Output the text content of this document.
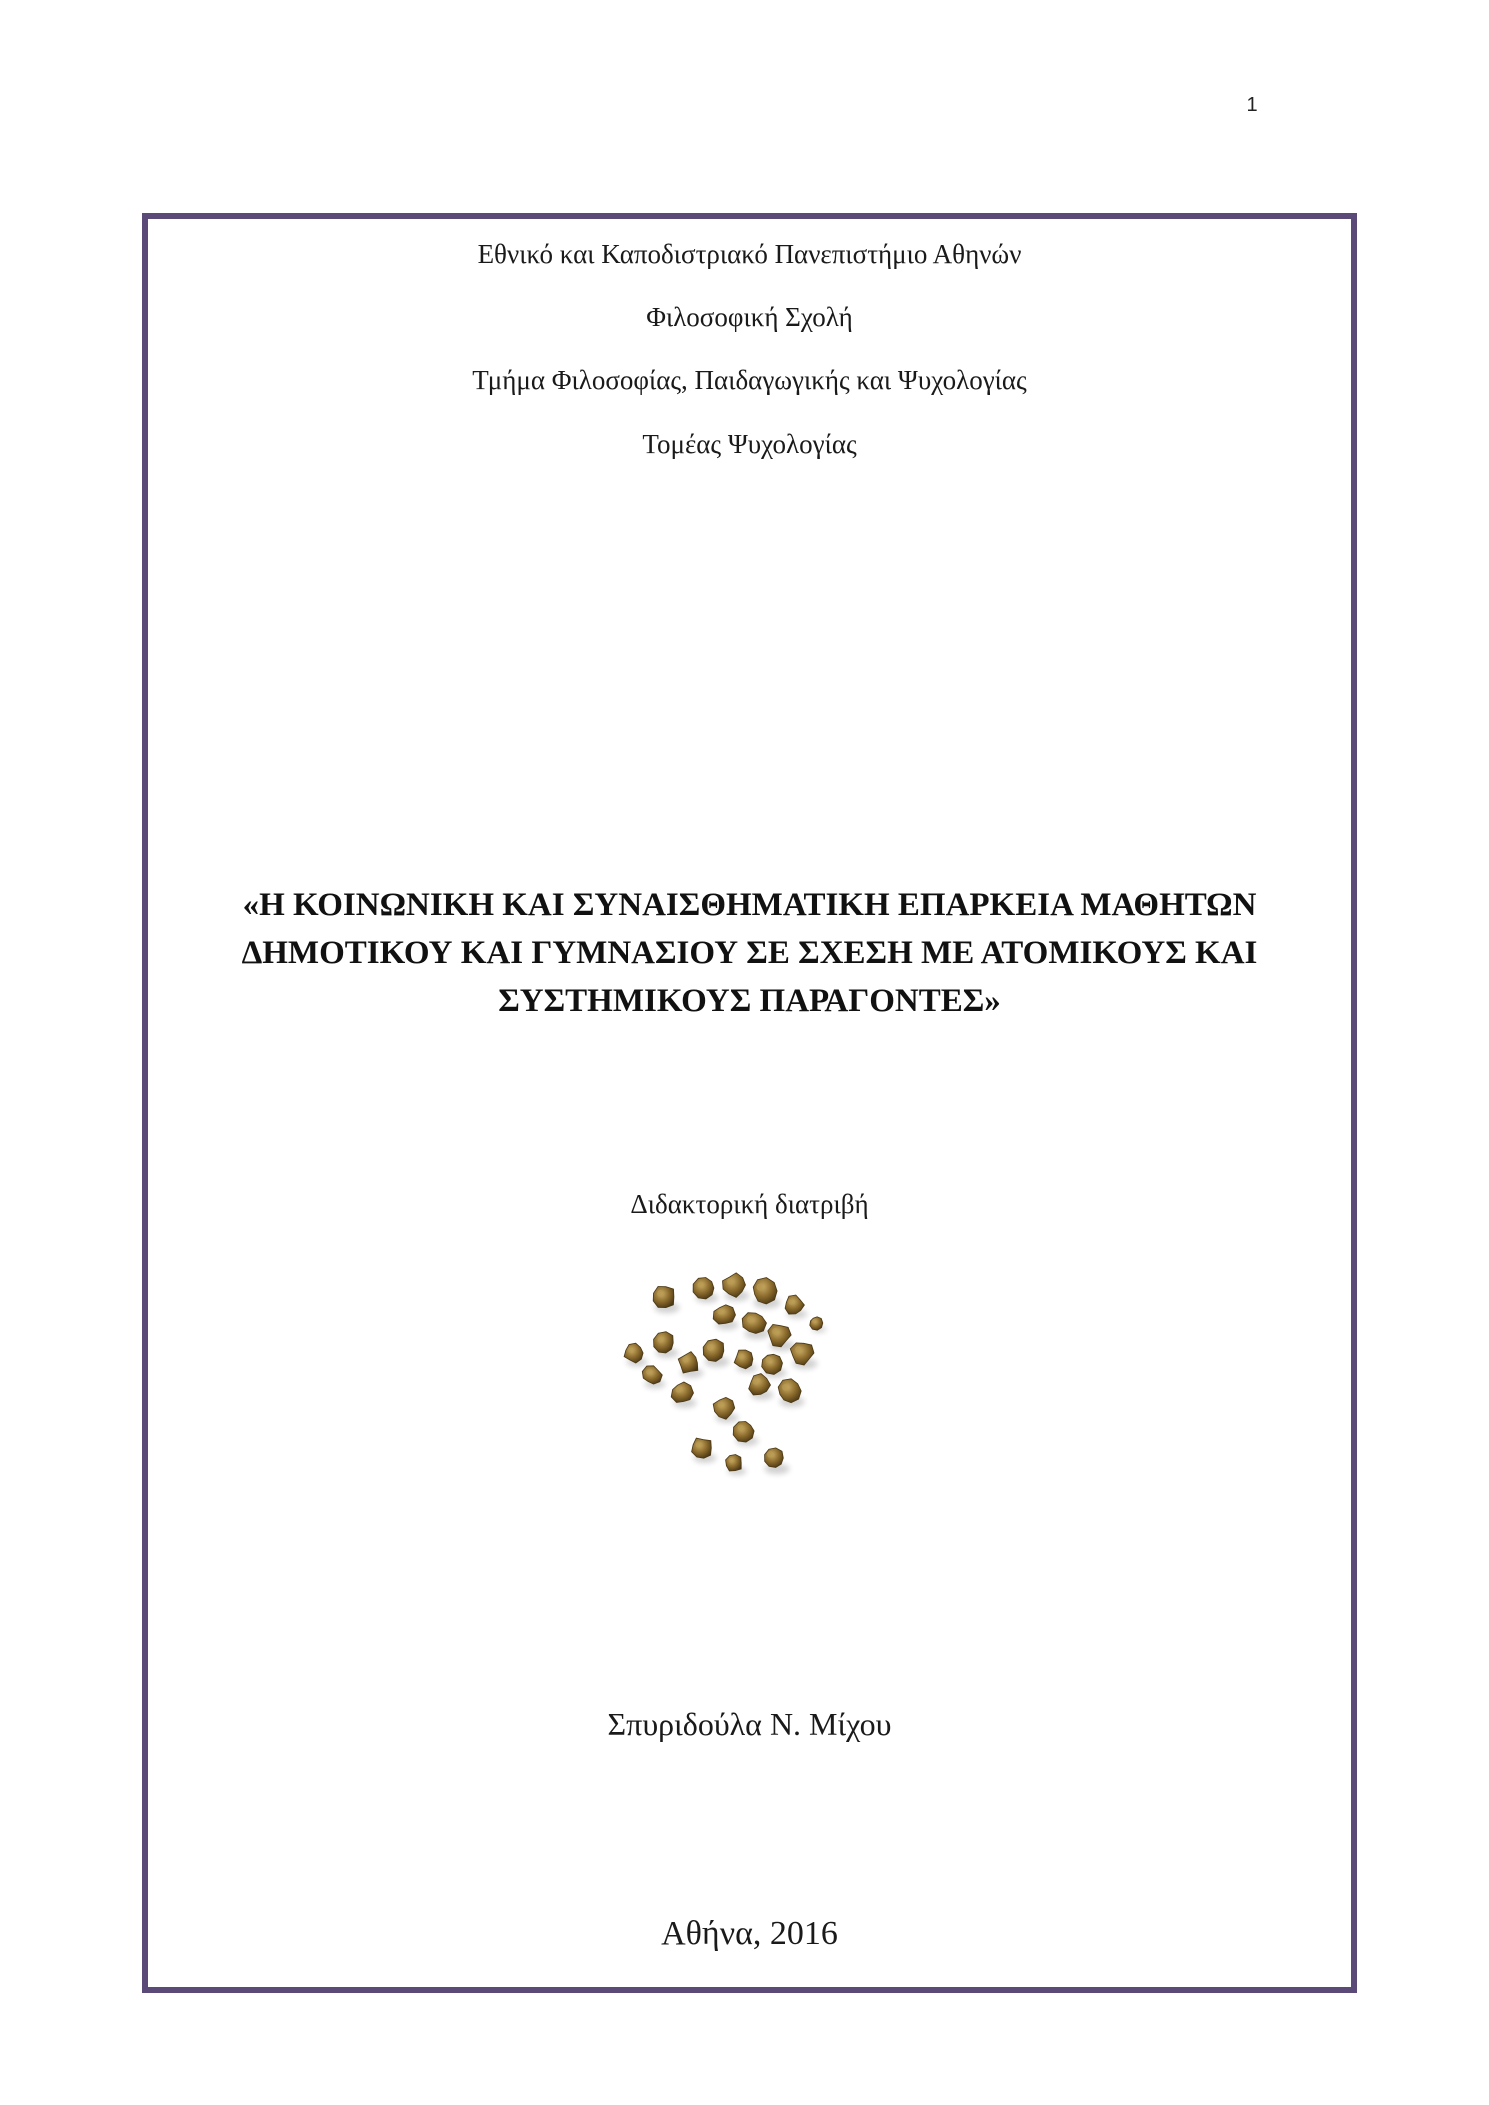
1
Εθνικό και Καποδιστριακό Πανεπιστήμιο Αθηνών
Φιλοσοφική Σχολή
Τμήμα Φιλοσοφίας, Παιδαγωγικής και Ψυχολογίας
Τομέας Ψυχολογίας
«Η ΚΟΙΝΩΝΙΚΗ ΚΑΙ ΣΥΝΑΙΣΘΗΜΑΤΙΚΗ ΕΠΑΡΚΕΙΑ ΜΑΘΗΤΩΝ
ΔΗΜΟΤΙΚΟΥ ΚΑΙ ΓΥΜΝΑΣΙΟΥ ΣΕ ΣΧΕΣΗ ΜΕ ΑΤΟΜΙΚΟΥΣ ΚΑΙ
ΣΥΣΤΗΜΙΚΟΥΣ ΠΑΡΑΓΟΝΤΕΣ»
Διδακτορική διατριβή
Σπυριδούλα Ν. Μίχου
Αθήνα, 2016
